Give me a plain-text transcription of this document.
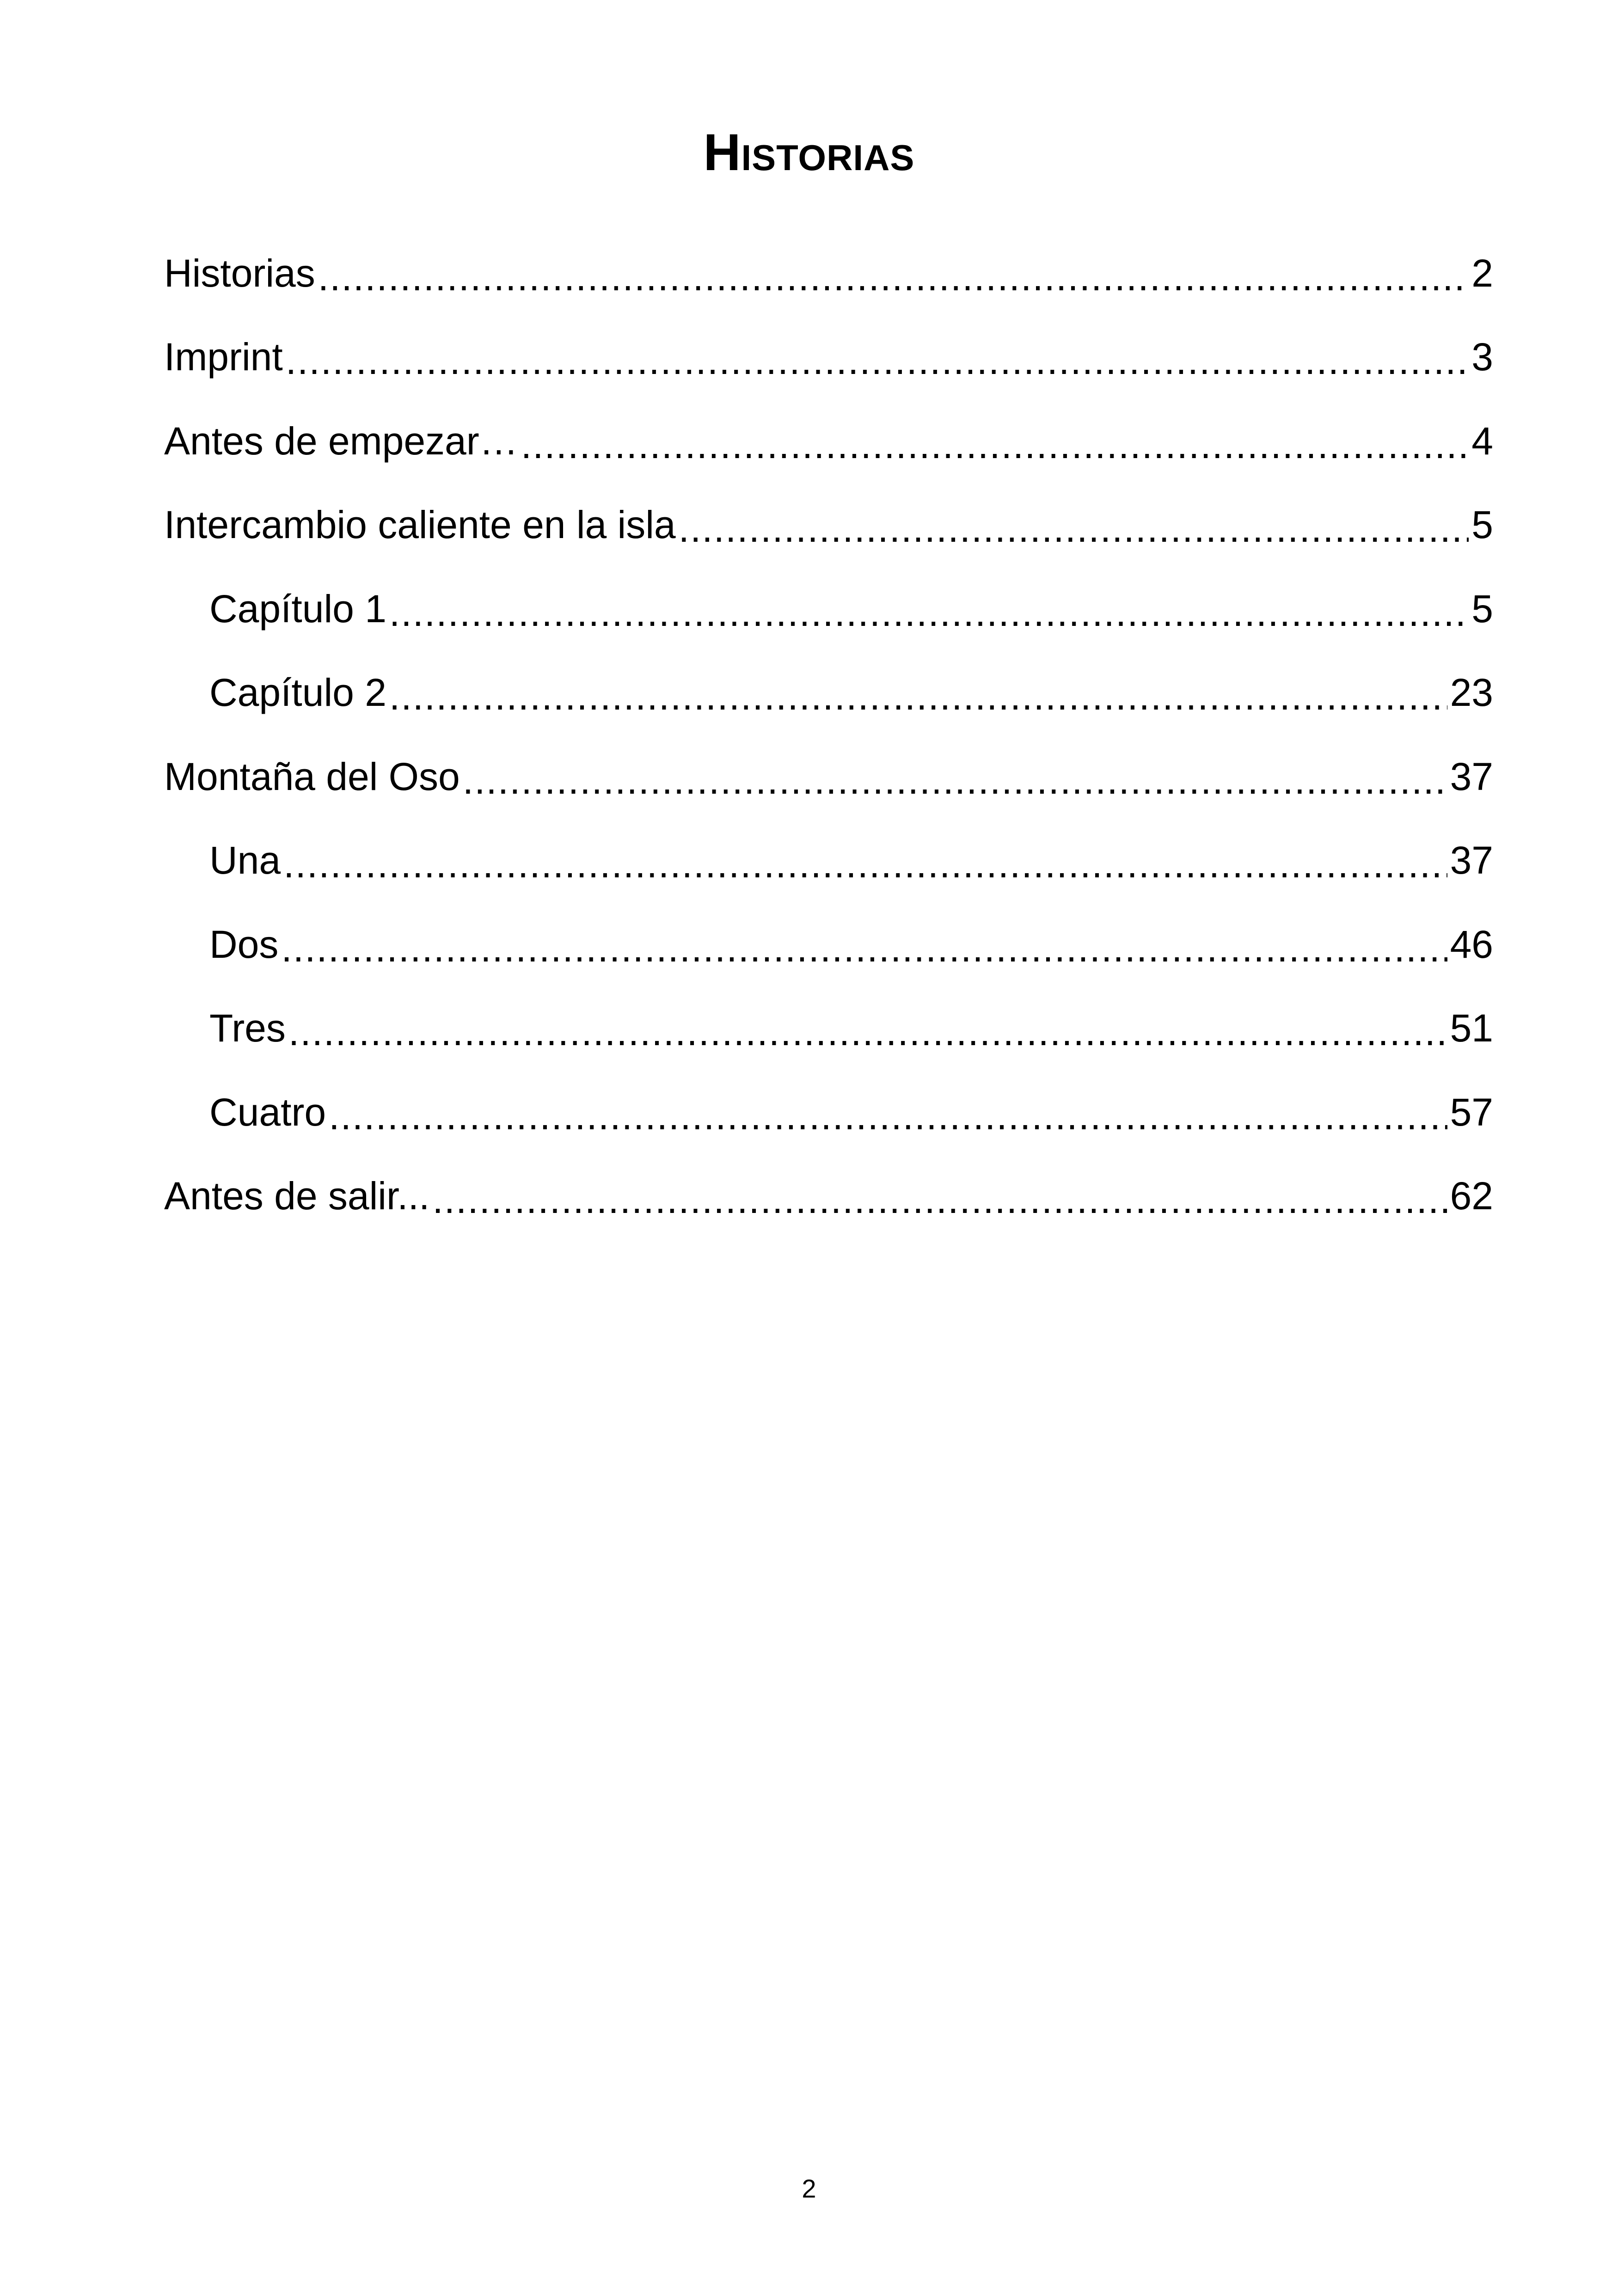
Historias
Historias .....	2
Imprint .....	3
Antes de empezar… .....	4
Intercambio caliente en la isla .....	5
Capítulo 1 .....	5
Capítulo 2 .....	23
Montaña del Oso .....	37
Una .....	37
Dos .....	46
Tres .....	51
Cuatro .....	57
Antes de salir... .....	62
2
